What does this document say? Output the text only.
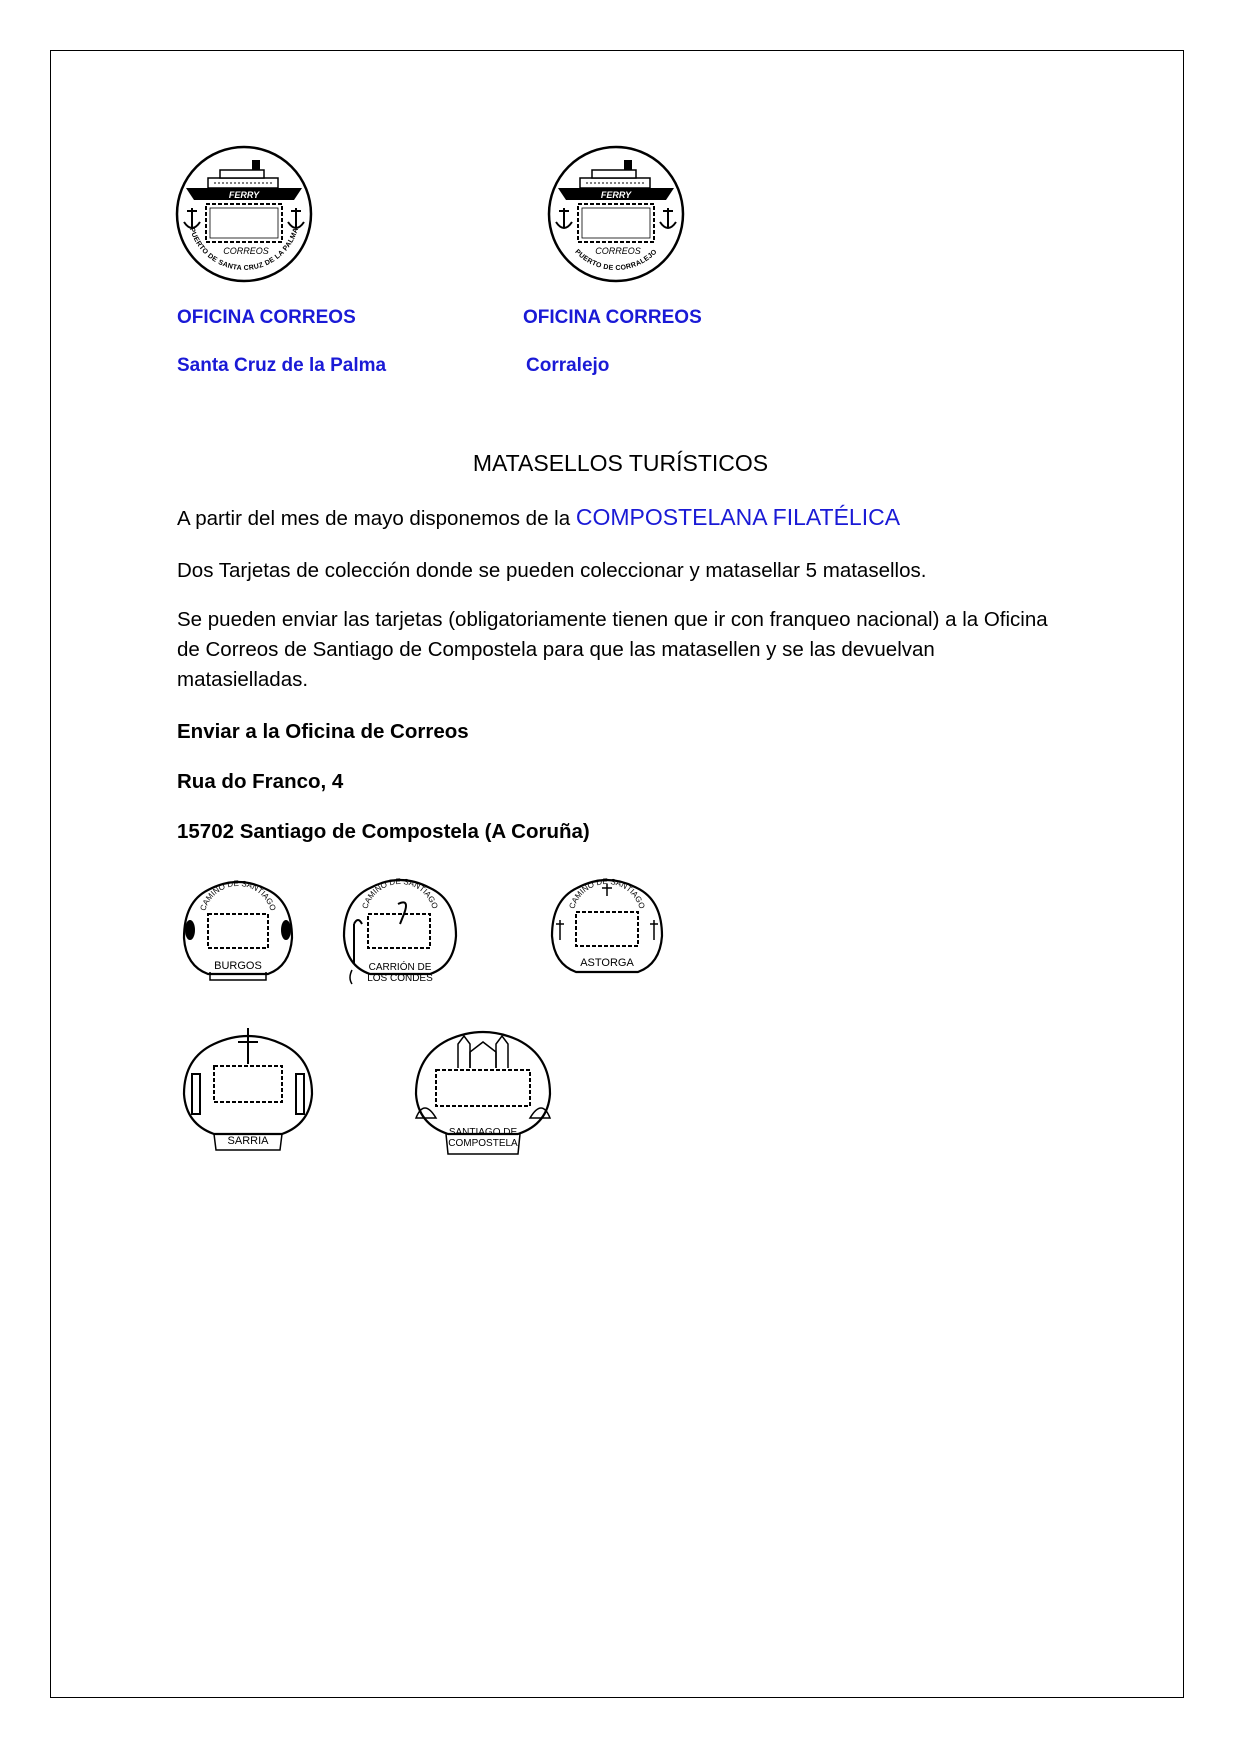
FERRY
CORREOS
PUERTO DE SANTA CRUZ DE LA PALMA
FERRY
CORREOS
PUERTO DE CORRALEJO
OFICINA CORREOS
Santa Cruz de la Palma
OFICINA CORREOS
Corralejo
MATASELLOS TURÍSTICOS
A partir del mes de mayo disponemos de la COMPOSTELANA FILATÉLICA
Dos Tarjetas de colección donde se pueden coleccionar y matasellar 5 matasellos.
Se pueden enviar las tarjetas (obligatoriamente tienen que ir con franqueo nacional) a la Oficina de Correos de Santiago de Compostela para que las matasellen y se las devuelvan matasielladas.
Enviar a la Oficina de Correos
Rua do Franco, 4
15702 Santiago de Compostela (A Coruña)
CAMINO DE SANTIAGO
BURGOS
CAMINO DE SANTIAGO
CARRIÓN DE
LOS CONDES
CAMINO DE SANTIAGO
ASTORGA
SARRIA
SANTIAGO DE
COMPOSTELA
